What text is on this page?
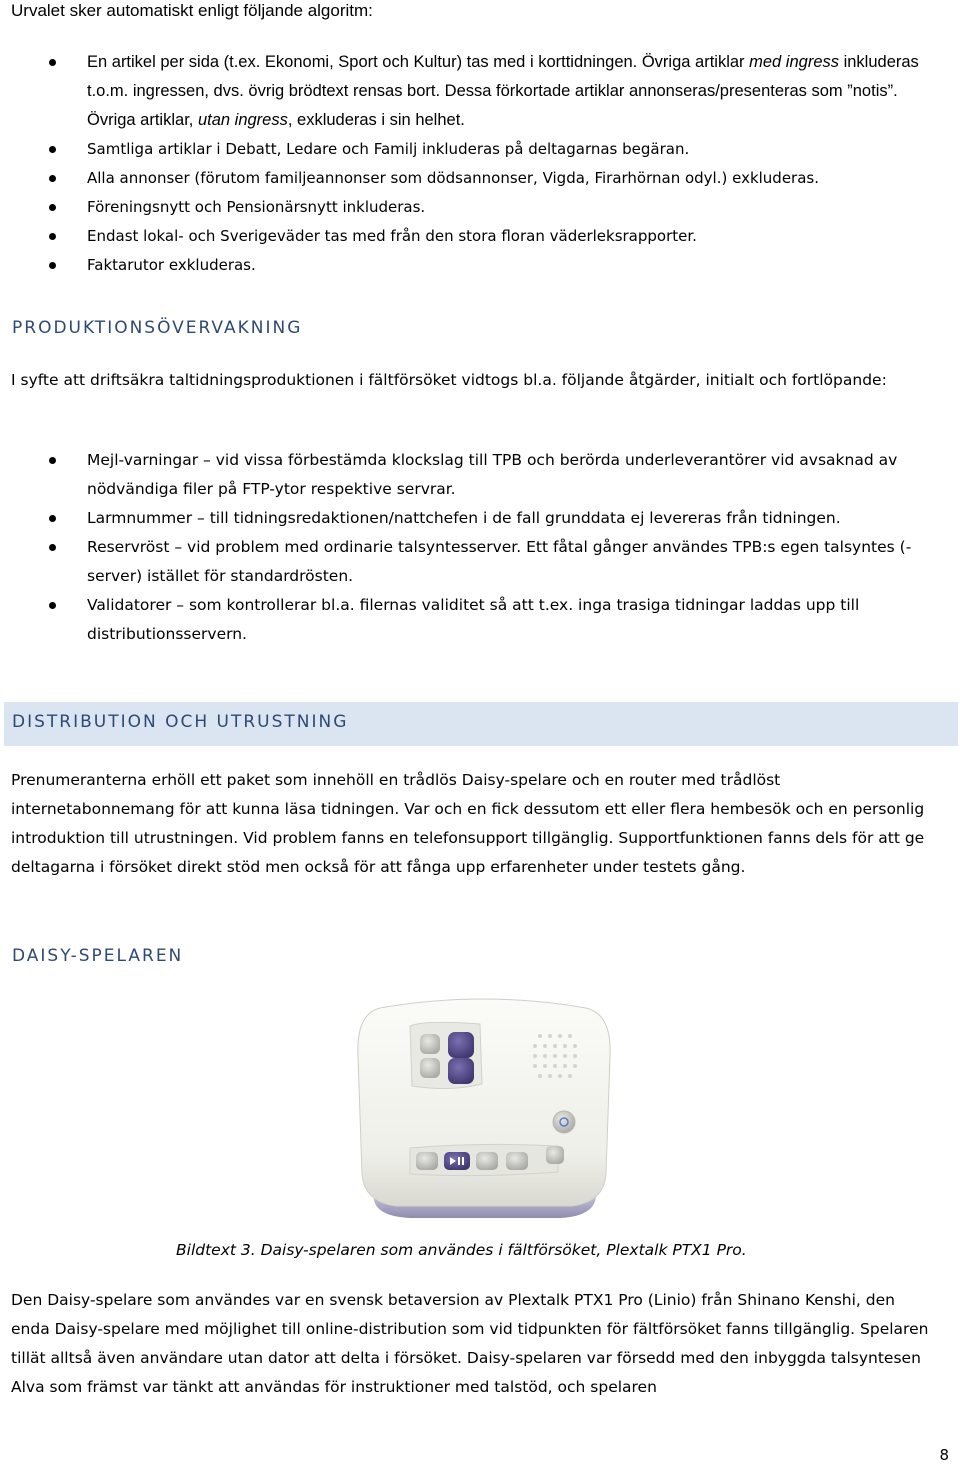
Urvalet sker automatiskt enligt följande algoritm:
En artikel per sida (t.ex. Ekonomi, Sport och Kultur) tas med i korttidningen. Övriga artiklar med ingress inkluderas t.o.m. ingressen, dvs. övrig brödtext rensas bort. Dessa förkortade artiklar annonseras/presenteras som ”notis”. Övriga artiklar, utan ingress, exkluderas i sin helhet.
Samtliga artiklar i Debatt, Ledare och Familj inkluderas på deltagarnas begäran.
Alla annonser (förutom familjeannonser som dödsannonser, Vigda, Firarhörnan odyl.) exkluderas.
Föreningsnytt och Pensionärsnytt inkluderas.
Endast lokal- och Sverigeväder tas med från den stora floran väderleksrapporter.
Faktarutor exkluderas.
PRODUKTIONSÖVERVAKNING
I syfte att driftsäkra taltidningsproduktionen i fältförsöket vidtogs bl.a. följande åtgärder, initialt och fortlöpande:
Mejl-varningar – vid vissa förbestämda klockslag till TPB och berörda underleverantörer vid avsaknad av nödvändiga filer på FTP-ytor respektive servrar.
Larmnummer – till tidningsredaktionen/nattchefen i de fall grunddata ej levereras från tidningen.
Reservröst – vid problem med ordinarie talsyntesserver. Ett fåtal gånger användes TPB:s egen talsyntes (-server) istället för standardrösten.
Validatorer – som kontrollerar bl.a. filernas validitet så att t.ex. inga trasiga tidningar laddas upp till distributionsservern.
DISTRIBUTION OCH UTRUSTNING
Prenumeranterna erhöll ett paket som innehöll en trådlös Daisy-spelare och en router med trådlöst internetabonnemang för att kunna läsa tidningen. Var och en fick dessutom ett eller flera hembesök och en personlig introduktion till utrustningen. Vid problem fanns en telefonsupport tillgänglig. Supportfunktionen fanns dels för att ge deltagarna i försöket direkt stöd men också för att fånga upp erfarenheter under testets gång.
DAISY-SPELAREN
Bildtext 3. Daisy-spelaren som användes i fältförsöket, Plextalk PTX1 Pro.
Den Daisy-spelare som användes var en svensk betaversion av Plextalk PTX1 Pro (Linio) från Shinano Kenshi, den enda Daisy-spelare med möjlighet till online-distribution som vid tidpunkten för fältförsöket fanns tillgänglig. Spelaren tillät alltså även användare utan dator att delta i försöket. Daisy-spelaren var försedd med den inbyggda talsyntesen Alva som främst var tänkt att användas för instruktioner med talstöd, och spelaren
8
